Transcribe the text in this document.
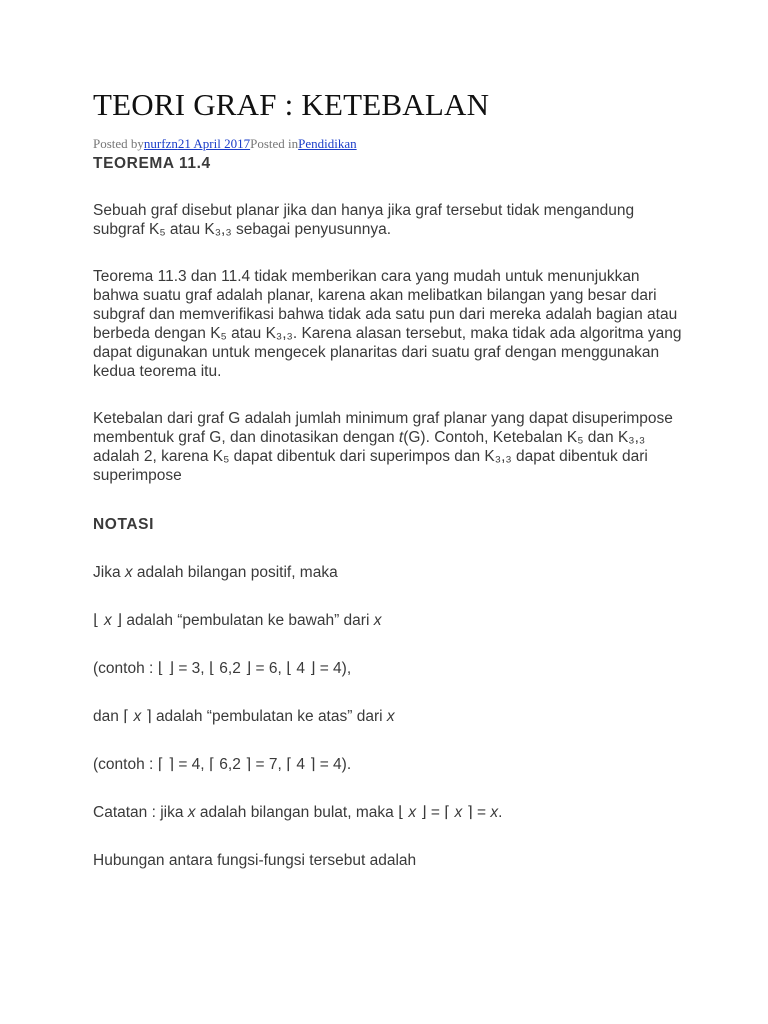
TEORI GRAF : KETEBALAN
Posted bynurfzn21 April 2017Posted inPendidikan
TEOREMA 11.4

Sebuah graf disebut planar jika dan hanya jika graf tersebut tidak mengandung subgraf K₅ atau K₃,₃ sebagai penyusunnya.

Teorema 11.3 dan 11.4 tidak memberikan cara yang mudah untuk menunjukkan bahwa suatu graf adalah planar, karena akan melibatkan bilangan yang besar dari subgraf dan memverifikasi bahwa tidak ada satu pun dari mereka adalah bagian atau berbeda dengan K₅ atau K₃,₃. Karena alasan tersebut, maka tidak ada algoritma yang dapat digunakan untuk mengecek planaritas dari suatu graf dengan menggunakan kedua teorema itu.

Ketebalan dari graf G adalah jumlah minimum graf planar yang dapat disuperimpose membentuk graf G, dan dinotasikan dengan t(G). Contoh, Ketebalan K₅ dan K₃,₃ adalah 2, karena K₅ dapat dibentuk dari superimpos dan K₃,₃ dapat dibentuk dari superimpose

NOTASI

Jika x adalah bilangan positif, maka

⌊ x ⌋ adalah “pembulatan ke bawah” dari x

(contoh : ⌊ ⌋ = 3, ⌊ 6,2 ⌋ = 6, ⌊ 4 ⌋ = 4),

dan ⌈ x ⌉ adalah “pembulatan ke atas” dari x

(contoh : ⌈ ⌉ = 4, ⌈ 6,2 ⌉ = 7, ⌈ 4 ⌉ = 4).

Catatan : jika x adalah bilangan bulat, maka ⌊ x ⌋ = ⌈ x ⌉ = x.

Hubungan antara fungsi-fungsi tersebut adalah
